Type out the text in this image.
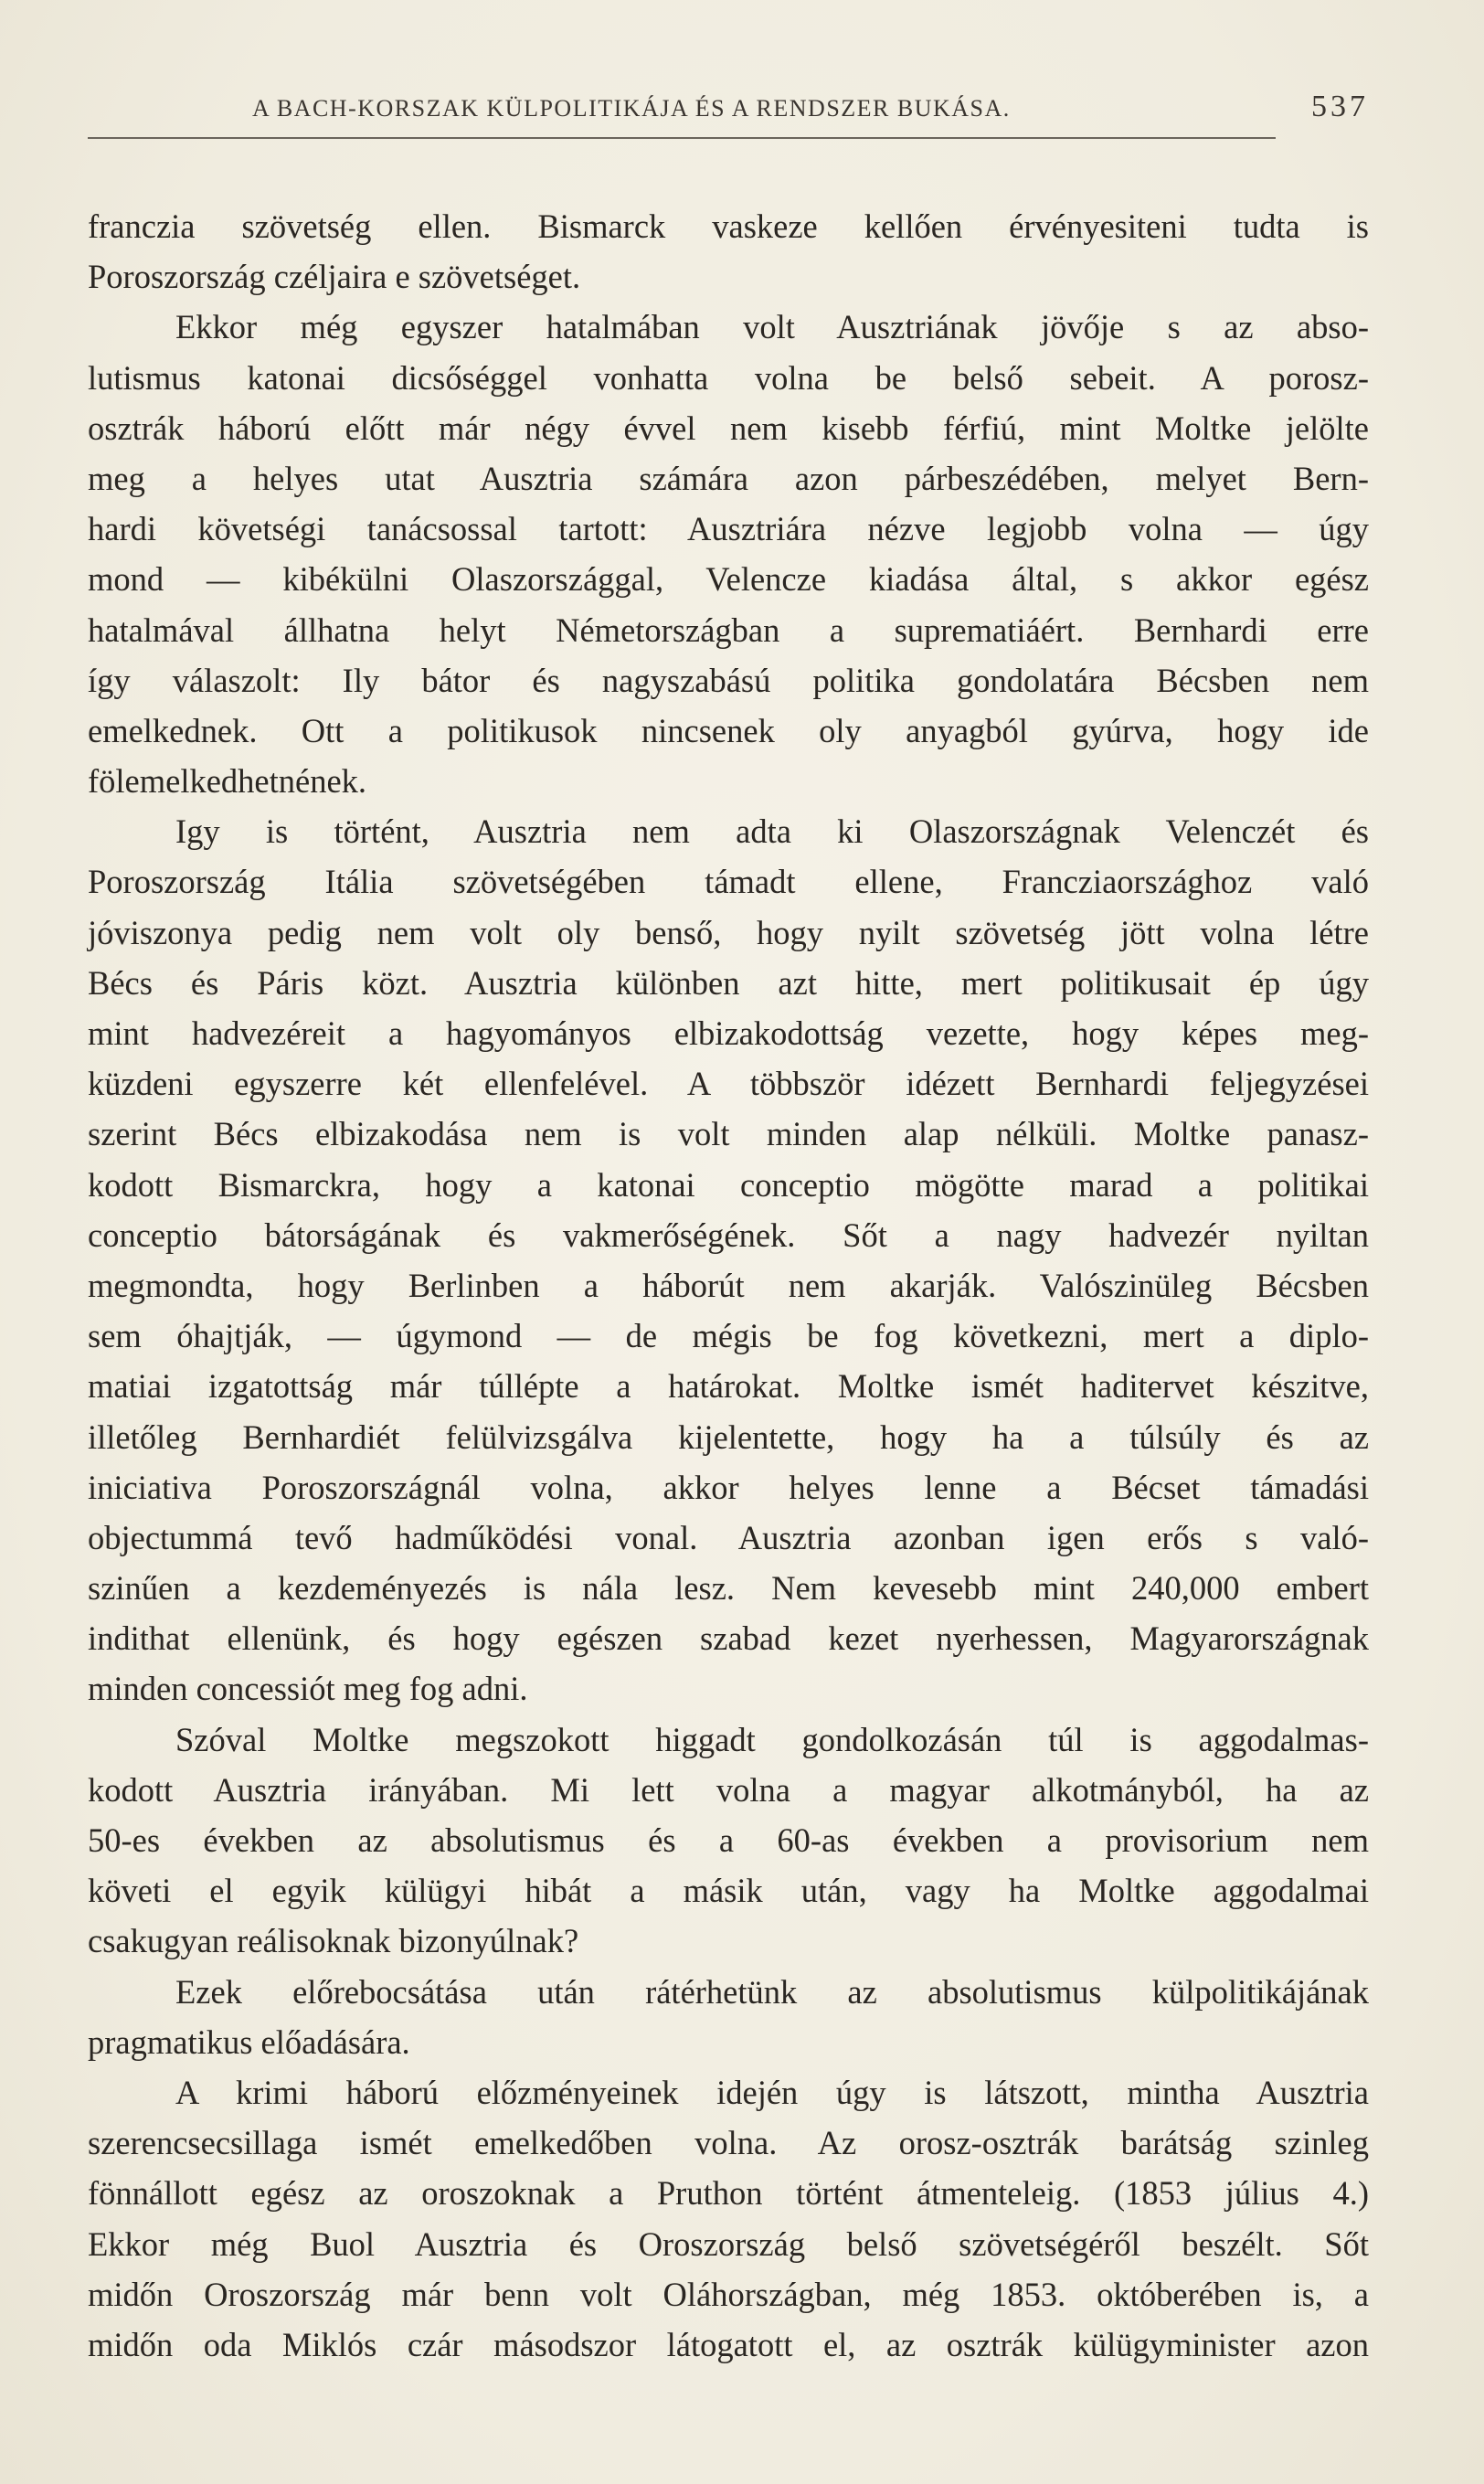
A BACH-KORSZAK KÜLPOLITIKÁJA ÉS A RENDSZER BUKÁSA.	537
franczia szövetség ellen. Bismarck vaskeze kellően érvényesiteni tudta is
Poroszország czéljaira e szövetséget.
Ekkor még egyszer hatalmában volt Ausztriának jövője s az abso-
lutismus katonai dicsőséggel vonhatta volna be belső sebeit. A porosz-
osztrák háború előtt már négy évvel nem kisebb férfiú, mint Moltke jelölte
meg a helyes utat Ausztria számára azon párbeszédében, melyet Bern-
hardi követségi tanácsossal tartott: Ausztriára nézve legjobb volna — úgy
mond — kibékülni Olaszországgal, Velencze kiadása által, s akkor egész
hatalmával állhatna helyt Németországban a suprematiáért. Bernhardi erre
így válaszolt: Ily bátor és nagyszabású politika gondolatára Bécsben nem
emelkednek. Ott a politikusok nincsenek oly anyagból gyúrva, hogy ide
fölemelkedhetnének.
Igy is történt, Ausztria nem adta ki Olaszországnak Velenczét és
Poroszország Itália szövetségében támadt ellene, Francziaországhoz való
jóviszonya pedig nem volt oly benső, hogy nyilt szövetség jött volna létre
Bécs és Páris közt. Ausztria különben azt hitte, mert politikusait ép úgy
mint hadvezéreit a hagyományos elbizakodottság vezette, hogy képes meg-
küzdeni egyszerre két ellenfelével. A többször idézett Bernhardi feljegyzései
szerint Bécs elbizakodása nem is volt minden alap nélküli. Moltke panasz-
kodott Bismarckra, hogy a katonai conceptio mögötte marad a politikai
conceptio bátorságának és vakmerőségének. Sőt a nagy hadvezér nyiltan
megmondta, hogy Berlinben a háborút nem akarják. Valószinüleg Bécsben
sem óhajtják, — úgymond — de mégis be fog következni, mert a diplo-
matiai izgatottság már túllépte a határokat. Moltke ismét haditervet készitve,
illetőleg Bernhardiét felülvizsgálva kijelentette, hogy ha a túlsúly és az
iniciativa Poroszországnál volna, akkor helyes lenne a Bécset támadási
objectummá tevő hadműködési vonal. Ausztria azonban igen erős s való-
szinűen a kezdeményezés is nála lesz. Nem kevesebb mint 240,000 embert
indithat ellenünk, és hogy egészen szabad kezet nyerhessen, Magyarországnak
minden concessiót meg fog adni.
Szóval Moltke megszokott higgadt gondolkozásán túl is aggodalmas-
kodott Ausztria irányában. Mi lett volna a magyar alkotmányból, ha az
50-es években az absolutismus és a 60-as években a provisorium nem
követi el egyik külügyi hibát a másik után, vagy ha Moltke aggodalmai
csakugyan reálisoknak bizonyúlnak?
Ezek előrebocsátása után rátérhetünk az absolutismus külpolitikájának
pragmatikus előadására.
A krimi háború előzményeinek idején úgy is látszott, mintha Ausztria
szerencsecsillaga ismét emelkedőben volna. Az orosz-osztrák barátság szinleg
fönnállott egész az oroszoknak a Pruthon történt átmenteleig. (1853 július 4.)
Ekkor még Buol Ausztria és Oroszország belső szövetségéről beszélt. Sőt
midőn Oroszország már benn volt Oláhországban, még 1853. októberében is, a
midőn oda Miklós czár másodszor látogatott el, az osztrák külügyminister azon
